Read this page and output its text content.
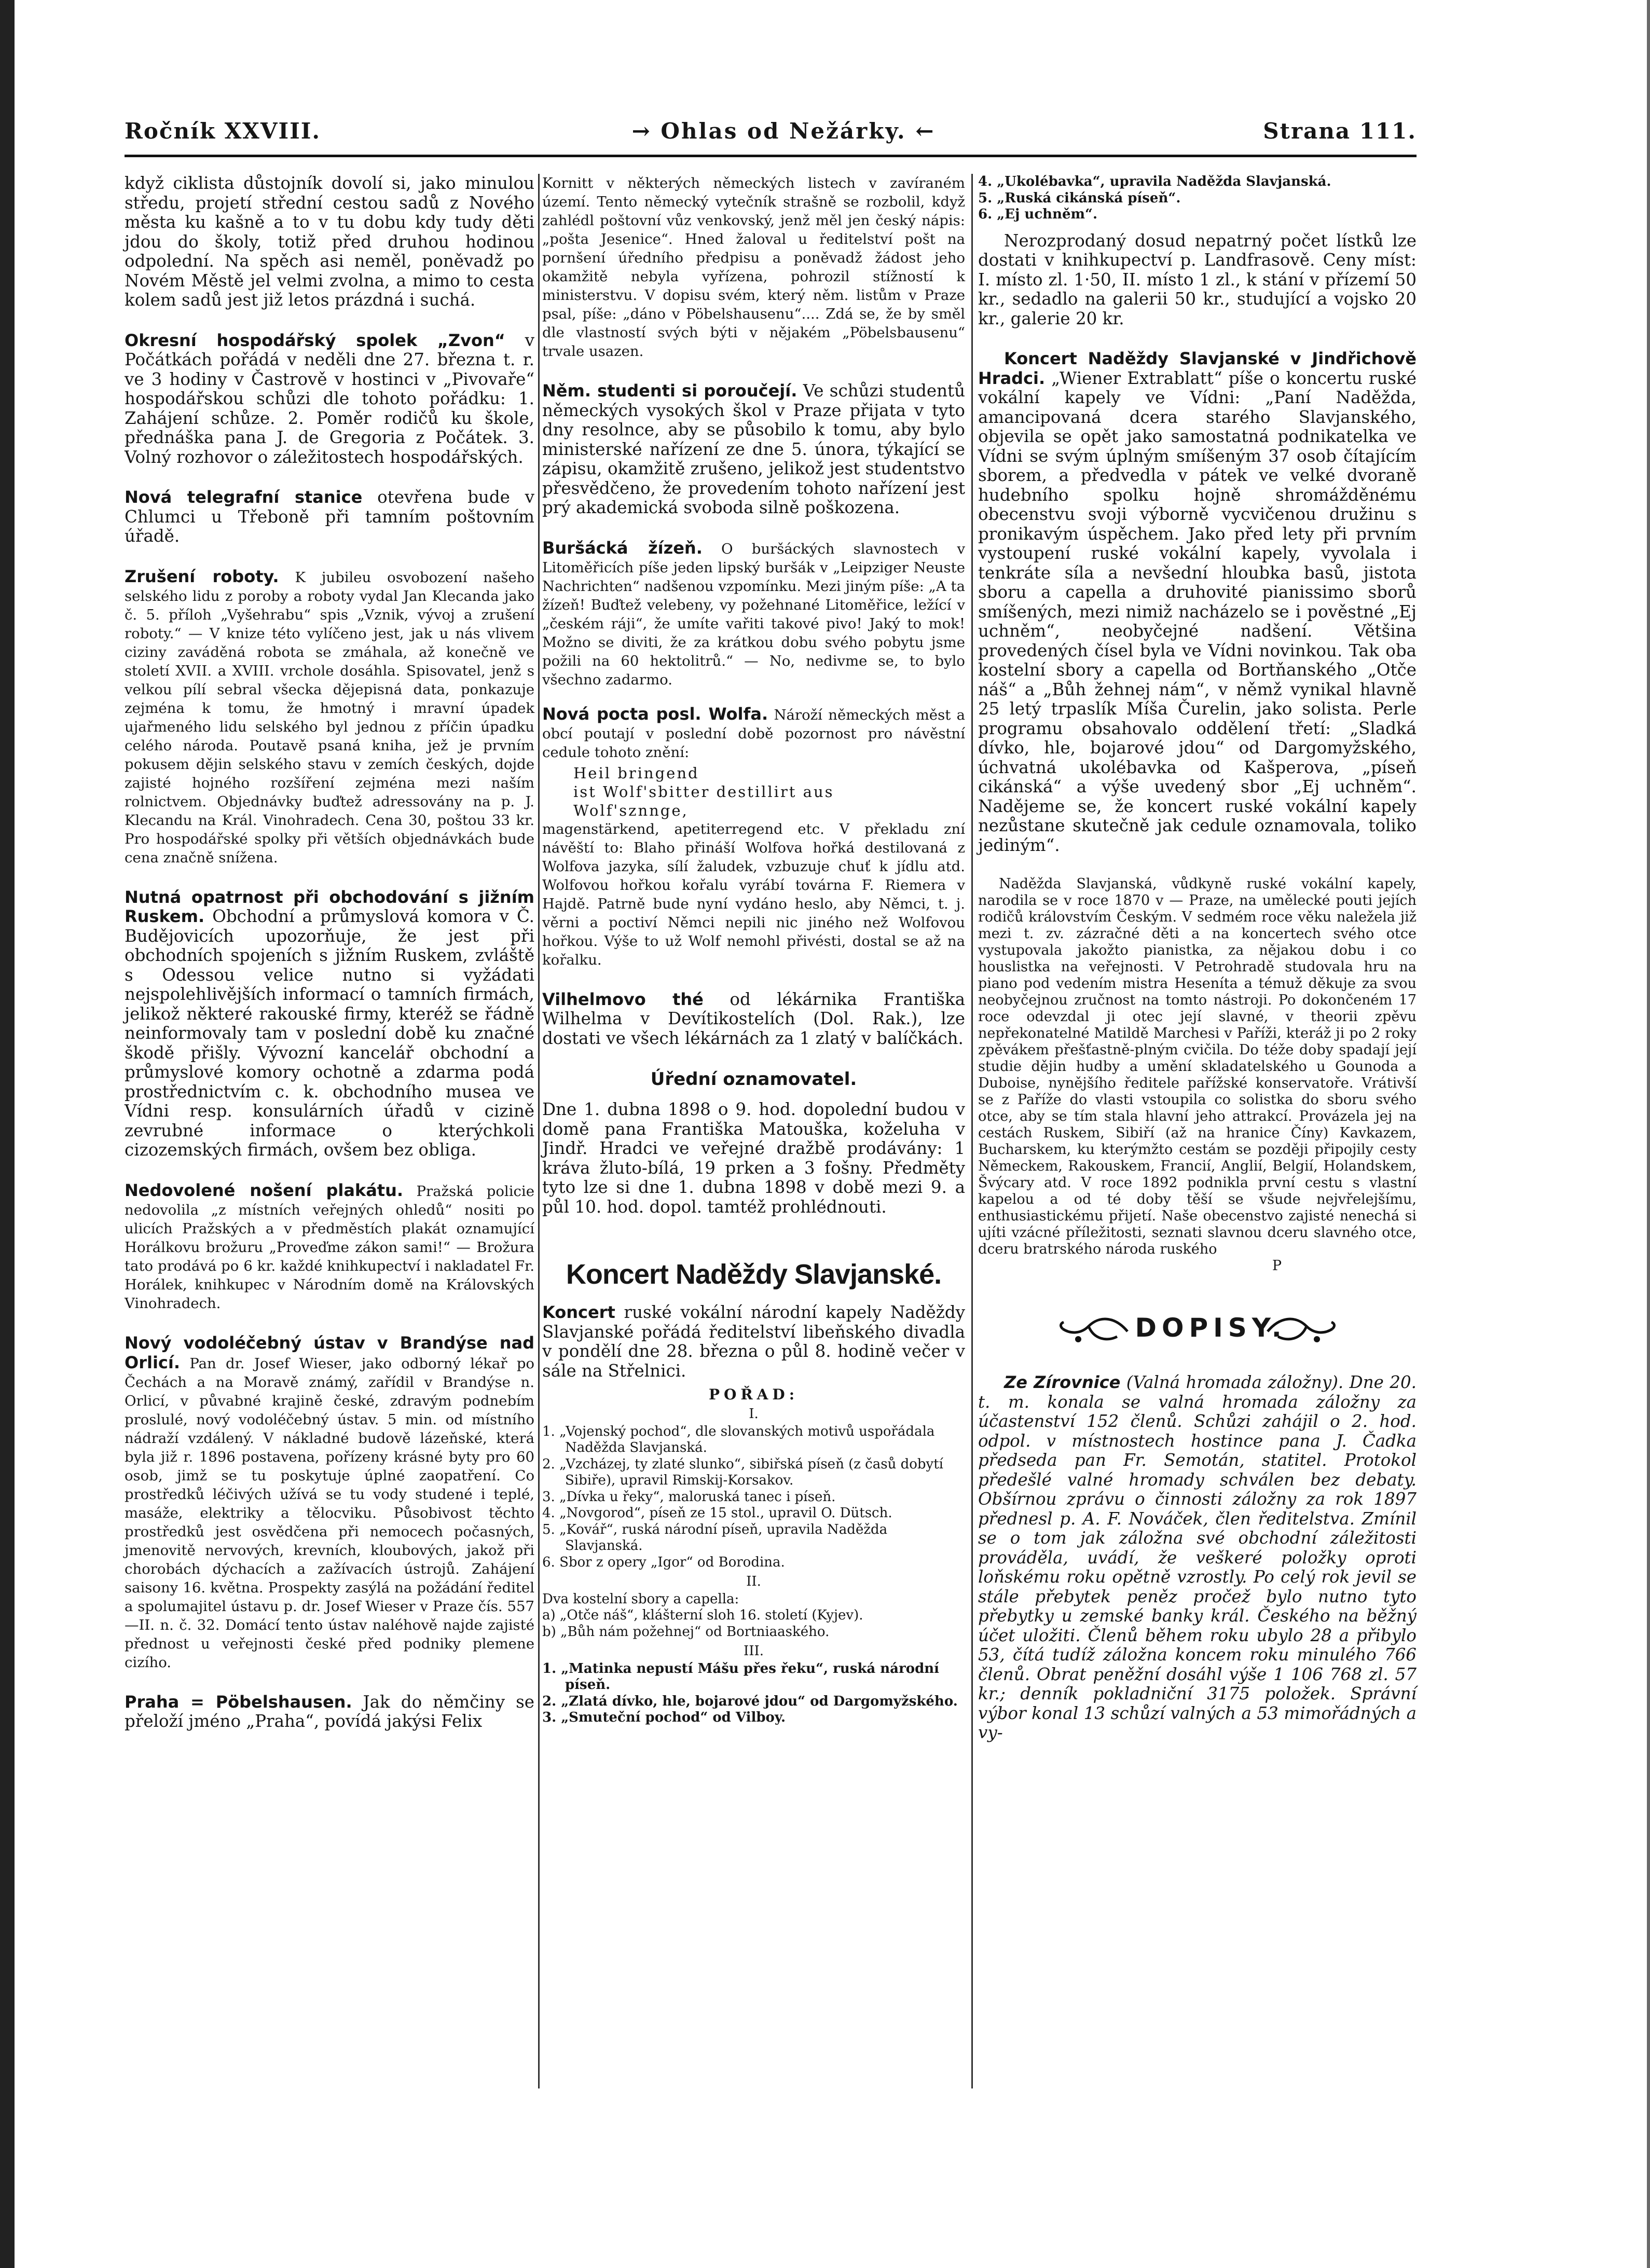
Ročník XXVIII.	→ Ohlas od Nežárky. ←	Strana 111.

když ciklista důstojník dovolí si, jako minulou středu, projetí střední cestou sadů z Nového města ku kašně a to v tu dobu kdy tudy děti jdou do školy, totiž před druhou hodinou odpolední. Na spěch asi neměl, poněvadž po Novém Městě jel velmi zvolna, a mimo to cesta kolem sadů jest již letos prázdná i suchá.

Okresní hospodářský spolek „Zvon“ v Počátkách pořádá v neděli dne 27. března t. r. ve 3 hodiny v Častrově v hostinci v „Pivovaře“ hospodářskou schůzi dle tohoto pořádku: 1. Zahájení schůze. 2. Poměr rodičů ku škole, přednáška pana J. de Gregoria z Počátek. 3. Volný rozhovor o záležitostech hospodářských.

Nová telegrafní stanice otevřena bude v Chlumci u Třeboně při tamním poštovním úřadě.

Zrušení roboty. K jubileu osvobození našeho selského lidu z poroby a roboty vydal Jan Klecanda jako č. 5. příloh „Vyšehrabu“ spis „Vznik, vývoj a zrušení roboty.“ — V knize této vylíčeno jest, jak u nás vlivem ciziny zaváděná robota se zmáhala, až konečně ve století XVII. a XVIII. vrchole dosáhla. Spisovatel, jenž s velkou pílí sebral všecka dějepisná data, ponkazuje zejména k tomu, že hmotný i mravní úpadek ujařmeného lidu selského byl jednou z příčin úpadku celého národa. Poutavě psaná kniha, jež je prvním pokusem dějin selského stavu v zemích českých, dojde zajisté hojného rozšíření zejména mezi naším rolnictvem. Objednávky buďtež adressovány na p. J. Klecandu na Král. Vinohradech. Cena 30, poštou 33 kr. Pro hospodářské spolky při větších objednávkách bude cena značně snížena.

Nutná opatrnost při obchodování s jižním Ruskem. Obchodní a průmyslová komora v Č. Budějovicích upozorňuje, že jest při obchodních spojeních s jižním Ruskem, zvláště s Odessou velice nutno si vyžádati nejspolehlivějších informací o tamních firmách, jelikož některé rakouské firmy, kteréž se řádně neinformovaly tam v poslední době ku značné škodě přišly. Vývozní kancelář obchodní a průmyslové komory ochotně a zdarma podá prostřednictvím c. k. obchodního musea ve Vídni resp. konsulárních úřadů v cizině zevrubné informace o kterýchkoli cizozemských firmách, ovšem bez obliga.

Nedovolené nošení plakátu. Pražská policie nedovolila „z místních veřejných ohledů“ nositi po ulicích Pražských a v předměstích plakát oznamující Horálkovu brožuru „Proveďme zákon sami!“ — Brožura tato prodává po 6 kr. každé knihkupectví i nakladatel Fr. Horálek, knihkupec v Národním domě na Královských Vinohradech.

Nový vodoléčebný ústav v Brandýse nad Orlicí. Pan dr. Josef Wieser, jako odborný lékař po Čechách a na Moravě známý, zařídil v Brandýse n. Orlicí, v půvabné krajině české, zdravým podnebím proslulé, nový vodoléčebný ústav. 5 min. od místního nádraží vzdálený. V nákladné budově lázeňské, která byla již r. 1896 postavena, pořízeny krásné byty pro 60 osob, jimž se tu poskytuje úplné zaopatření. Co prostředků léčivých užívá se tu vody studené i teplé, masáže, elektriky a tělocviku. Působivost těchto prostředků jest osvědčena při nemocech počasných, jmenovitě nervových, krevních, kloubových, jakož při chorobách dýchacích a zažívacích ústrojů. Zahájení saisony 16. května. Prospekty zasýlá na požádání ředitel a spolumajitel ústavu p. dr. Josef Wieser v Praze čís. 557—II. n. č. 32. Domácí tento ústav naléhově najde zajisté přednost u veřejnosti české před podniky plemene cizího.

Praha = Pöbelshausen. Jak do němčiny se přeloží jméno „Praha“, povídá jakýsi Felix

Kornitt v některých německých listech v zavíraném území. Tento německý vytečník strašně se rozbolil, když zahlédl poštovní vůz venkovský, jenž měl jen český nápis: „pošta Jesenice“. Hned žaloval u ředitelství pošt na pornšení úředního předpisu a poněvadž žádost jeho okamžitě nebyla vyřízena, pohrozil stížností k ministerstvu. V dopisu svém, který něm. listům v Praze psal, píše: „dáno v Pöbelshausenu“.... Zdá se, že by směl dle vlastností svých býti v nějakém „Pöbelsbausenu“ trvale usazen.

Něm. studenti si poroučejí. Ve schůzi studentů německých vysokých škol v Praze přijata v tyto dny resolnce, aby se působilo k tomu, aby bylo ministerské nařízení ze dne 5. února, týkající se zápisu, okamžitě zrušeno, jelikož jest studentstvo přesvědčeno, že provedením tohoto nařízení jest prý akademická svoboda silně poškozena.

Buršácká žízeň. O buršáckých slavnostech v Litoměřicích píše jeden lipský buršák v „Leipziger Neuste Nachrichten“ nadšenou vzpomínku. Mezi jiným píše: „A ta žízeň! Buďtež velebeny, vy požehnané Litoměřice, ležící v „českém ráji“, že umíte vařiti takové pivo! Jaký to mok! Možno se diviti, že za krátkou dobu svého pobytu jsme požili na 60 hektolitrů.“ — No, nedivme se, to bylo všechno zadarmo.

Nová pocta posl. Wolfa. Nároží německých měst a obcí poutají v poslední době pozornost pro návěstní cedule tohoto znění:

Heil bringend

ist Wolf'sbitter destillirt aus

Wolf'sznnge,

magenstärkend, apetiterregend etc. V překladu zní návěští to: Blaho přináší Wolfova hořká destilovaná z Wolfova jazyka, sílí žaludek, vzbuzuje chuť k jídlu atd. Wolfovou hořkou kořalu vyrábí továrna F. Riemera v Hajdě. Patrně bude nyní vydáno heslo, aby Němci, t. j. věrni a poctiví Němci nepili nic jiného než Wolfovou hořkou. Výše to už Wolf nemohl přivésti, dostal se až na kořalku.

Vilhelmovo thé od lékárnika Františka Wilhelma v Devítikostelích (Dol. Rak.), lze dostati ve všech lékárnách za 1 zlatý v balíčkách.

Úřední oznamovatel.

Dne 1. dubna 1898 o 9. hod. dopolední budou v domě pana Františka Matouška, koželuha v Jindř. Hradci ve veřejné dražbě prodávány: 1 kráva žluto-bílá, 19 prken a 3 fošny. Předměty tyto lze si dne 1. dubna 1898 v době mezi 9. a půl 10. hod. dopol. tamtéž prohlédnouti.

Koncert Naděždy Slavjanské.

Koncert ruské vokální národní kapely Naděždy Slavjanské pořádá ředitelství libeňského divadla v pondělí dne 28. března o půl 8. hodině večer v sále na Střelnici.

POŘAD:

I.

1. „Vojenský pochod“, dle slovanských motivů uspořádala Naděžda Slavjanská.
2. „Vzcházej, ty zlaté slunko“, sibiřská píseň (z časů dobytí Sibiře), upravil Rimskij-Korsakov.
3. „Dívka u řeky“, maloruská tanec i píseň.
4. „Novgorod“, píseň ze 15 stol., upravil O. Dütsch.
5. „Kovář“, ruská národní píseň, upravila Naděžda Slavjanská.
6. Sbor z opery „Igor“ od Borodina.

II.

Dva kostelní sbory a capella:

a) „Otče náš“, klášterní sloh 16. století (Kyjev).
b) „Bůh nám požehnej“ od Bortniaaského.

III.

1. „Matinka nepustí Mášu přes řeku“, ruská národní píseň.
2. „Zlatá dívko, hle, bojarové jdou“ od Dargomyžského.
3. „Smuteční pochod“ od Vilboy.
4. „Ukolébavka“, upravila Naděžda Slavjanská.
5. „Ruská cikánská píseň“.
6. „Ej uchněm“.

Nerozprodaný dosud nepatrný počet lístků lze dostati v knihkupectví p. Landfrasově. Ceny míst: I. místo zl. 1·50, II. místo 1 zl., k stání v přízemí 50 kr., sedadlo na galerii 50 kr., studující a vojsko 20 kr., galerie 20 kr.

Koncert Naděždy Slavjanské v Jindřichově Hradci. „Wiener Extrablatt“ píše o koncertu ruské vokální kapely ve Vídni: „Paní Naděžda, amancipovaná dcera starého Slavjanského, objevila se opět jako samostatná podnikatelka ve Vídni se svým úplným smíšeným 37 osob čítajícím sborem, a předvedla v pátek ve velké dvoraně hudebního spolku hojně shromážděnému obecenstvu svoji výborně vycvičenou družinu s pronikavým úspěchem. Jako před lety při prvním vystoupení ruské vokální kapely, vyvolala i tenkráte síla a nevšední hloubka basů, jistota sboru a capella a druhovité pianissimo sborů smíšených, mezi nimiž nacházelo se i pověstné „Ej uchněm“, neobyčejné nadšení. Většina provedených čísel byla ve Vídni novinkou. Tak oba kostelní sbory a capella od Bortňanského „Otče náš“ a „Bůh žehnej nám“, v němž vynikal hlavně 25 letý trpaslík Míša Čurelin, jako solista. Perle programu obsahovalo oddělení třetí: „Sladká dívko, hle, bojarové jdou“ od Dargomyžského, úchvatná ukolébavka od Kašperova, „píseň cikánská“ a výše uvedený sbor „Ej uchněm“. Nadějeme se, že koncert ruské vokální kapely nezůstane skutečně jak cedule oznamovala, toliko jediným“.

Naděžda Slavjanská, vůdkyně ruské vokální kapely, narodila se v roce 1870 v — Praze, na umělecké pouti jejích rodičů královstvím Českým. V sedmém roce věku naležela již mezi t. zv. zázračné děti a na koncertech svého otce vystupovala jakožto pianistka, za nějakou dobu i co houslistka na veřejnosti. V Petrohradě studovala hru na piano pod vedením mistra Heseníta a témuž děkuje za svou neobyčejnou zručnost na tomto nástroji. Po dokončeném 17 roce odevzdal ji otec její slavné, v theorii zpěvu nepřekonatelné Matildě Marchesi v Paříži, kteráž ji po 2 roky zpěvákem přešťastně-plným cvičila. Do téže doby spadají její studie dějin hudby a umění skladatelského u Gounoda a Duboise, nynějšího ředitele pařížské konservatoře. Vrátivší se z Paříže do vlasti vstoupila co solistka do sboru svého otce, aby se tím stala hlavní jeho attrakcí. Provázela jej na cestách Ruskem, Sibiří (až na hranice Číny) Kavkazem, Bucharskem, ku kterýmžto cestám se později připojily cesty Německem, Rakouskem, Francií, Anglií, Belgií, Holandskem, Švýcary atd. V roce 1892 podnikla první cestu s vlastní kapelou a od té doby těší se všude nejvřelejšímu, enthusiastickému přijetí. Naše obecenstvo zajisté nenechá si ujíti vzácné příležitosti, seznati slavnou dceru slavného otce, dceru bratrského národa ruského

P

DOPISY.

Ze Zírovnice (Valná hromada záložny). Dne 20. t. m. konala se valná hromada záložny za účastenství 152 členů. Schůzi zahájil o 2. hod. odpol. v místnostech hostince pana J. Čadka předseda pan Fr. Semotán, statitel. Protokol předešlé valné hromady schválen bez debaty. Obšírnou zprávu o činnosti záložny za rok 1897 přednesl p. A. F. Nováček, člen ředitelstva. Zmínil se o tom jak záložna své obchodní záležitosti prováděla, uvádí, že veškeré položky oproti loňskému roku opětně vzrostly. Po celý rok jevil se stále přebytek peněz pročež bylo nutno tyto přebytky u zemské banky král. Českého na běžný účet uložiti. Členů během roku ubylo 28 a přibylo 53, čítá tudíž záložna koncem roku minulého 766 členů. Obrat peněžní dosáhl výše 1 106 768 zl. 57 kr.; denník pokladniční 3175 položek. Správní výbor konal 13 schůzí valných a 53 mimořádných a vy-
